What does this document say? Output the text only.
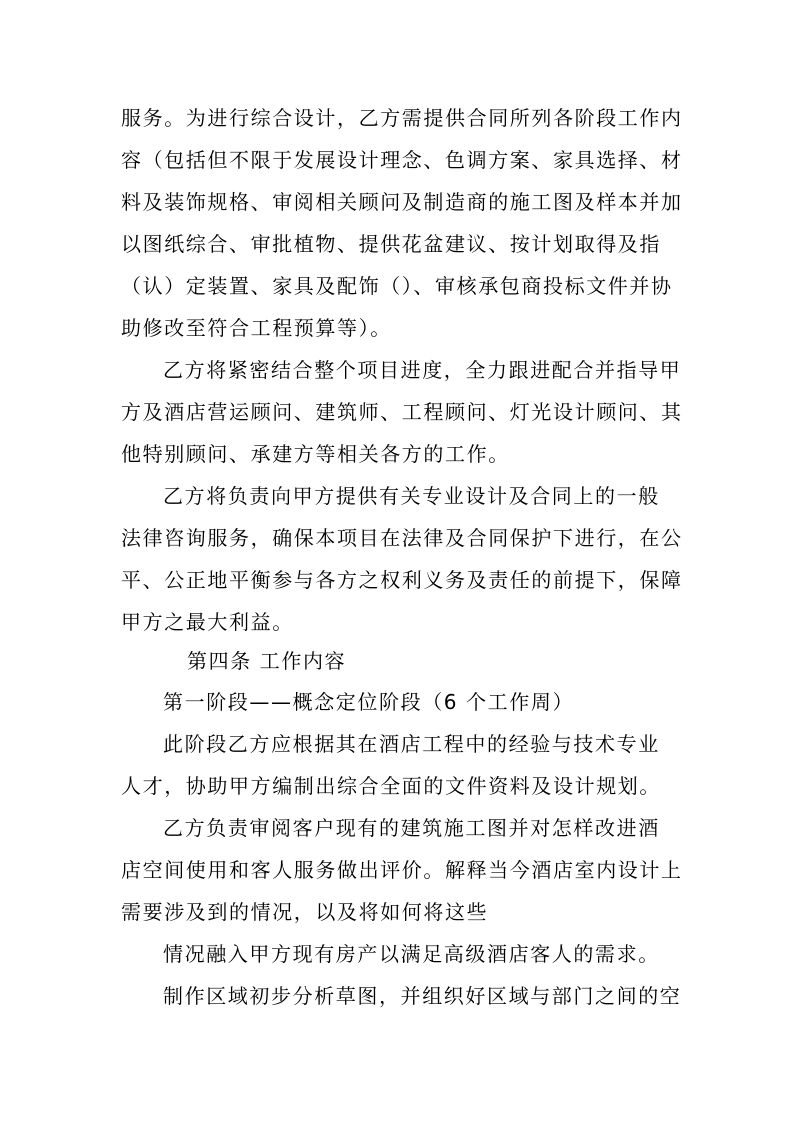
服务。为进行综合设计，乙方需提供合同所列各阶段工作内
容（包括但不限于发展设计理念、色调方案、家具选择、材
料及装饰规格、审阅相关顾问及制造商的施工图及样本并加
以图纸综合、审批植物、提供花盆建议、按计划取得及指
（认）定装置、家具及配饰（）、审核承包商投标文件并协
助修改至符合工程预算等）。
乙方将紧密结合整个项目进度，全力跟进配合并指导甲
方及酒店营运顾问、建筑师、工程顾问、灯光设计顾问、其
他特别顾问、承建方等相关各方的工作。
乙方将负责向甲方提供有关专业设计及合同上的一般
法律咨询服务，确保本项目在法律及合同保护下进行，在公
平、公正地平衡参与各方之权利义务及责任的前提下，保障
甲方之最大利益。
第四条 工作内容
第一阶段——概念定位阶段（6 个工作周）
此阶段乙方应根据其在酒店工程中的经验与技术专业
人才，协助甲方编制出综合全面的文件资料及设计规划。
乙方负责审阅客户现有的建筑施工图并对怎样改进酒
店空间使用和客人服务做出评价。解释当今酒店室内设计上
需要涉及到的情况，以及将如何将这些
情况融入甲方现有房产以满足高级酒店客人的需求。
制作区域初步分析草图，并组织好区域与部门之间的空
